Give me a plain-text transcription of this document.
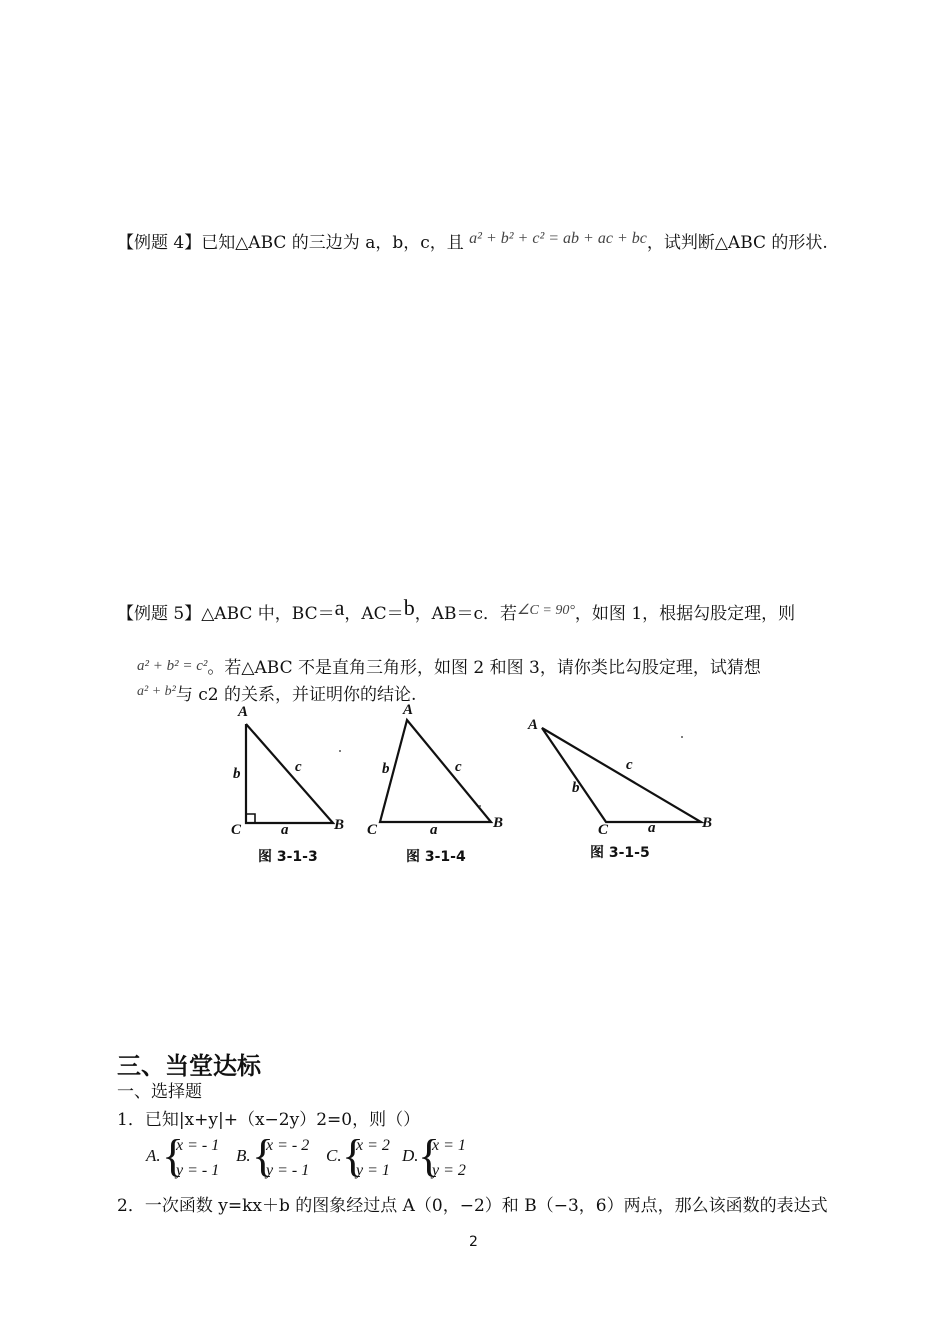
【例题 4】已知△ABC 的三边为 a，b，c，且 a² + b² + c² = ab + ac + bc，试判断△ABC 的形状.
【例题 5】△ABC 中，BC＝a，AC＝b，AB＝c．若$^{\angle C = 90^\circ}$，如图 1，根据勾股定理，则
a² + b² = c²。若△ABC 不是直角三角形，如图 2 和图 3，请你类比勾股定理，试猜想
$^{a^2 + b^2}$与 c2 的关系，并证明你的结论.
A
b	c
C	a	B
图 3-1-3
A
b	c
C	a	B
图 3-1-4
A
b
c
C	a	B
图 3-1-5
三、当堂达标
一、选择题
1．已知|x+y|+（x−2y）2=0，则（）
A. {
x = - 1
y = - 1
B. {
x = - 2
y = - 1
C. {
x = 2
y = 1
D. {
x = 1
y = 2
2．一次函数 y=kx＋b 的图象经过点 A（0，−2）和 B（−3，6）两点，那么该函数的表达式
2
